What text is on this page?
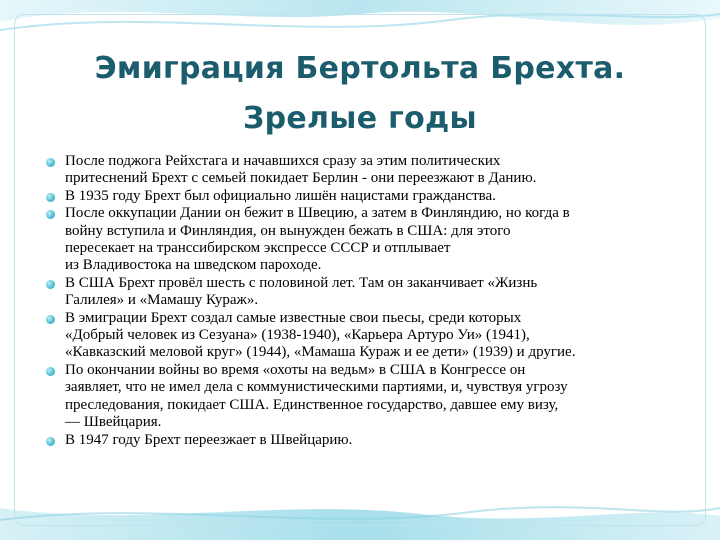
Эмиграция Бертольта Брехта.
Зрелые годы
После поджога Рейхстага и начавшихся сразу за этим политических
притеснений Брехт с семьей покидает Берлин - они переезжают в Данию.
В 1935 году Брехт был официально лишён нацистами гражданства.
После оккупации Дании он бежит в Швецию, а затем в Финляндию, но когда в
войну вступила и Финляндия, он вынужден бежать в США: для этого
пересекает на транссибирском экспрессе СССР и отплывает
из Владивостока на шведском пароходе.
В США Брехт провёл шесть с половиной лет. Там он заканчивает «Жизнь
Галилея» и «Мамашу Кураж».
В эмиграции Брехт создал самые известные свои пьесы, среди которых
«Добрый человек из Сезуана» (1938-1940), «Карьера Артуро Уи» (1941),
«Кавказский меловой круг» (1944), «Мамаша Кураж и ее дети» (1939) и другие.
По окончании войны во время «охоты на ведьм» в США в Конгрессе он
заявляет, что не имел дела с коммунистическими партиями, и, чувствуя угрозу
преследования, покидает США. Единственное государство, давшее ему визу,
— Швейцария.
В 1947 году Брехт переезжает в Швейцарию.
